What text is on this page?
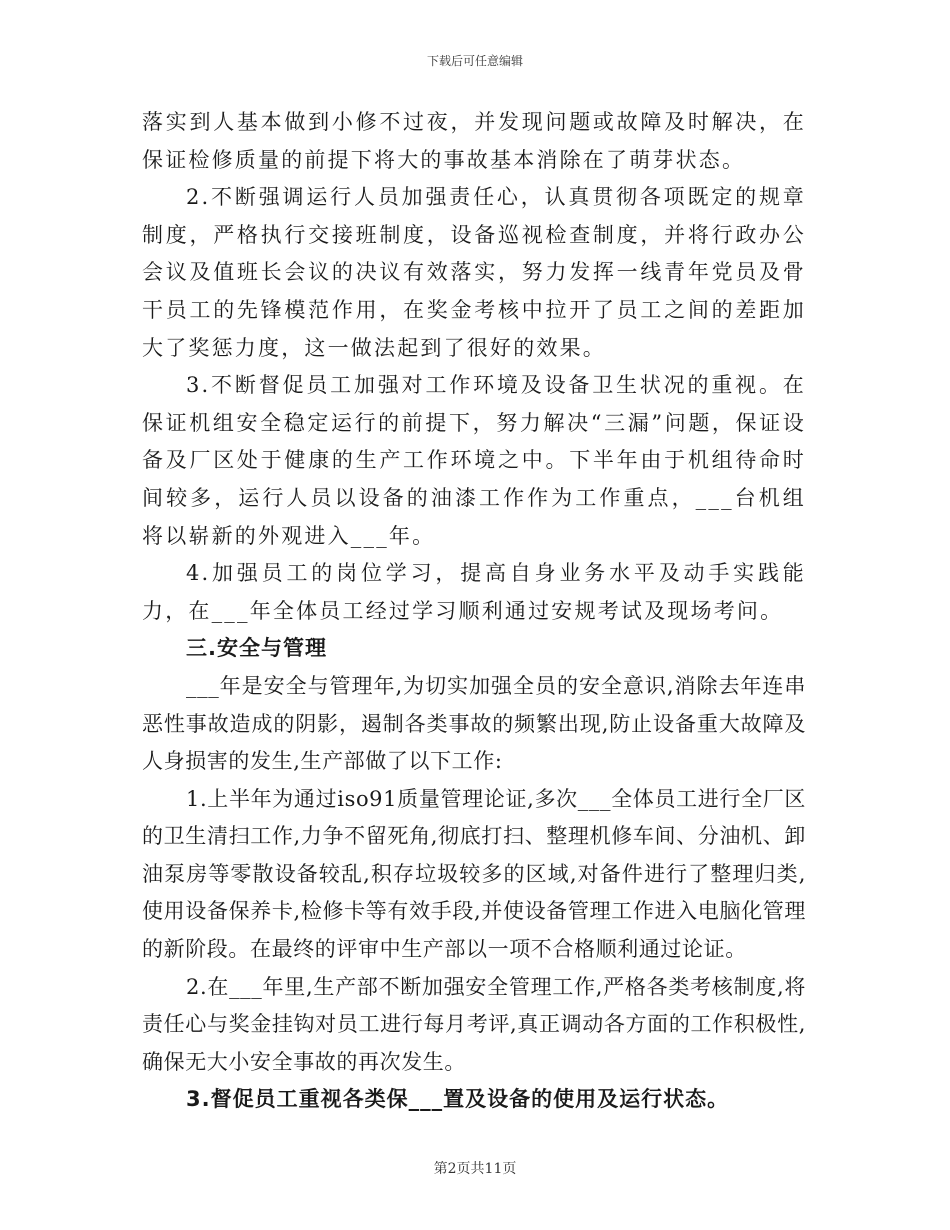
下载后可任意编辑

落实到人基本做到小修不过夜，并发现问题或故障及时解决，在保证检修质量的前提下将大的事故基本消除在了萌芽状态。

2.不断强调运行人员加强责任心，认真贯彻各项既定的规章制度，严格执行交接班制度，设备巡视检查制度，并将行政办公会议及值班长会议的决议有效落实，努力发挥一线青年党员及骨干员工的先锋模范作用，在奖金考核中拉开了员工之间的差距加大了奖惩力度，这一做法起到了很好的效果。

3.不断督促员工加强对工作环境及设备卫生状况的重视。在保证机组安全稳定运行的前提下，努力解决“三漏”问题，保证设备及厂区处于健康的生产工作环境之中。下半年由于机组待命时间较多，运行人员以设备的油漆工作作为工作重点，___台机组将以崭新的外观进入___年。

4.加强员工的岗位学习，提高自身业务水平及动手实践能力，在___年全体员工经过学习顺利通过安规考试及现场考问。

三.安全与管理

___年是安全与管理年,为切实加强全员的安全意识,消除去年连串恶性事故造成的阴影，遏制各类事故的频繁出现,防止设备重大故障及人身损害的发生,生产部做了以下工作:

1.上半年为通过iso91质量管理论证,多次___全体员工进行全厂区的卫生清扫工作,力争不留死角,彻底打扫、整理机修车间、分油机、卸油泵房等零散设备较乱,积存垃圾较多的区域,对备件进行了整理归类,使用设备保养卡,检修卡等有效手段,并使设备管理工作进入电脑化管理的新阶段。在最终的评审中生产部以一项不合格顺利通过论证。

2.在___年里,生产部不断加强安全管理工作,严格各类考核制度,将责任心与奖金挂钩对员工进行每月考评,真正调动各方面的工作积极性,确保无大小安全事故的再次发生。

3.督促员工重视各类保___置及设备的使用及运行状态。

第2页共11页
